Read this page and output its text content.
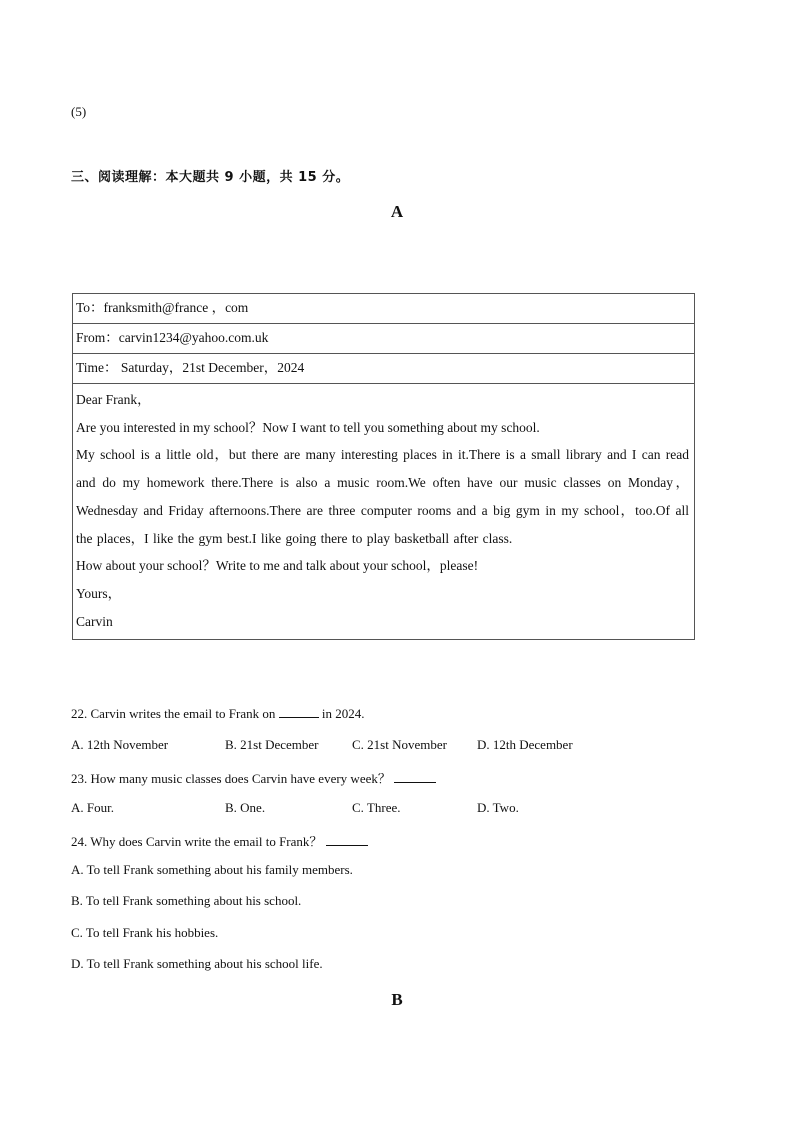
(5)
三、阅读理解：本大题共 9 小题，共 15 分。
A
To：franksmith@france ，com
From：carvin1234@yahoo.com.uk
Time： Saturday，21st December，2024
Dear Frank，
Are you interested in my school？Now I want to tell you something about my school.
My school is a little old，but there are many interesting places in it.There is a small library and I can read and do my homework there.There is also a music room.We often have our music classes on Monday，Wednesday and Friday afternoons.There are three computer rooms and a big gym in my school，too.Of all the places，I like the gym best.I like going there to play basketball after class.
How about your school？Write to me and talk about your school，please!
Yours，
Carvin
22. Carvin writes the email to Frank on	in 2024.
A. 12th November	B. 21st December	C. 21st November D. 12th December
23. How many music classes does Carvin have every week？
A. Four.	B. One.	C. Three.	D. Two.
24. Why does Carvin write the email to Frank？
A. To tell Frank something about his family members.
B. To tell Frank something about his school.
C. To tell Frank his hobbies.
D. To tell Frank something about his school life.
B
